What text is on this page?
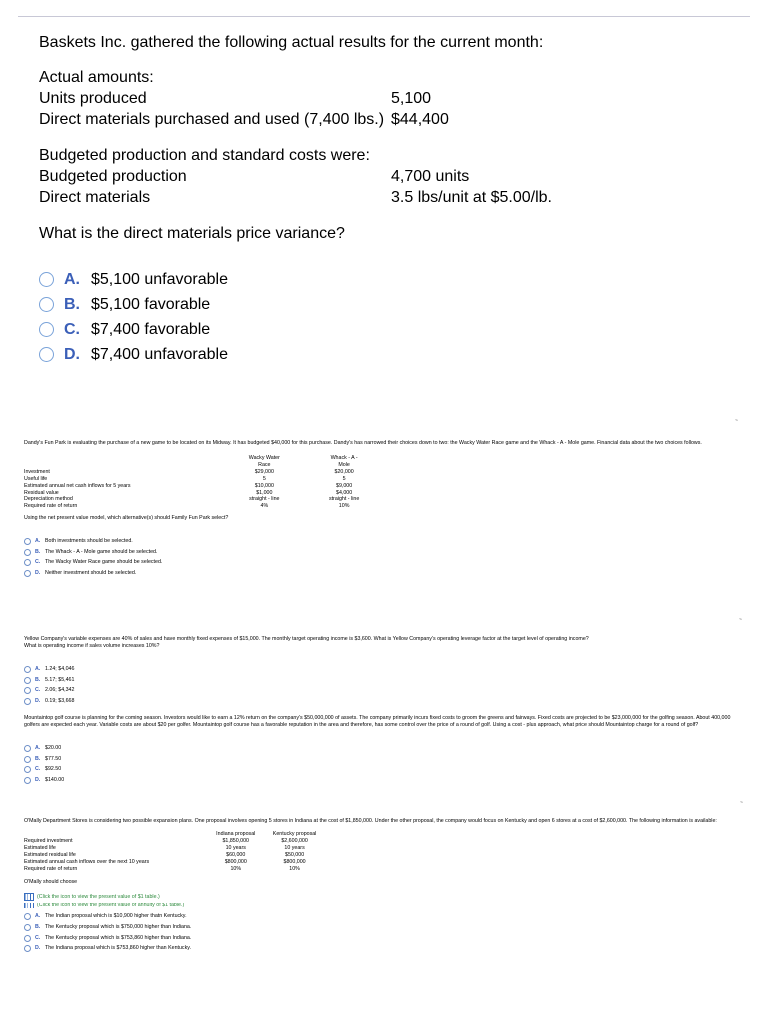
Baskets Inc. gathered the following actual results for the current month:
Actual amounts:
Units produced	5,100
Direct materials purchased and used (7,400 lbs.) $44,400
Budgeted production and standard costs were:
Budgeted production	4,700 units
Direct materials	3.5 lbs/unit at $5.00/lb.
What is the direct materials price variance?
A. $5,100 unfavorable
B. $5,100 favorable
C. $7,400 favorable
D. $7,400 unfavorable
~

Dandy's Fun Park is evaluating the purchase of a new game to be located on its Midway. It has budgeted $40,000 for this purchase. Dandy's has narrowed their choices down to two: the Wacky Water Race game and the Whack - A - Mole game. Financial data about the two choices follows.

	Wacky Water	Whack - A -
	Race	Mole
Investment	$29,000	$20,000
Useful life	5	5
Estimated annual net cash inflows for 5 years	$10,000	$9,000
Residual value	$1,000	$4,000
Depreciation method	straight - line	straight - line
Required rate of return	4%	10%

Using the net present value model, which alternative(s) should Family Fun Park select?

A. Both investments should be selected.
B. The Whack - A - Mole game should be selected.
C. The Wacky Water Race game should be selected.
D. Neither investment should be selected.
~

Yellow Company's variable expenses are 40% of sales and have monthly fixed expenses of $15,000. The monthly target operating income is $3,600. What is Yellow Company's operating leverage factor at the target level of operating income?

What is operating income if sales volume increases 10%?

A. 1.24; $4,046
B. 5.17; $5,461
C. 2.06; $4,342
D. 0.19; $3,668

Mountaintop golf course is planning for the coming season. Investors would like to earn a 12% return on the company's $50,000,000 of assets. The company primarily incurs fixed costs to groom the greens and fairways. Fixed costs are projected to be $23,000,000 for the golfing season. About 400,000 golfers are expected each year. Variable costs are about $20 per golfer. Mountaintop golf course has a favorable reputation in the area and therefore, has some control over the price of a round of golf. Using a cost - plus approach, what price should Mountaintop charge for a round of golf?

A. $20.00
B. $77.50
C. $92.50
D. $140.00
~

O'Mally Department Stores is considering two possible expansion plans. One proposal involves opening 5 stores in Indiana at the cost of $1,850,000. Under the other proposal, the company would focus on Kentucky and open 6 stores at a cost of $2,600,000. The following information is available:

	Indiana proposal	Kentucky proposal
Required investment	$1,850,000	$2,600,000
Estimated life	10 years	10 years
Estimated residual life	$60,000	$50,000
Estimated annual cash inflows over the next 10 years	$800,000	$800,000
Required rate of return	10%	10%

O'Mally should choose

(Click the icon to view the present value of $1 table.)
(Click the icon to view the present value of annuity of $1 table.)
A. The Indian proposal which is $10,900 higher thatn Kentucky.
B. The Kentucky proposal which is $750,000 higher than Indiana.
C. The Kentucky proposal which is $753,860 higher than Indiana.
D. The Indiana proposal which is $753,860 higher than Kentucky.
